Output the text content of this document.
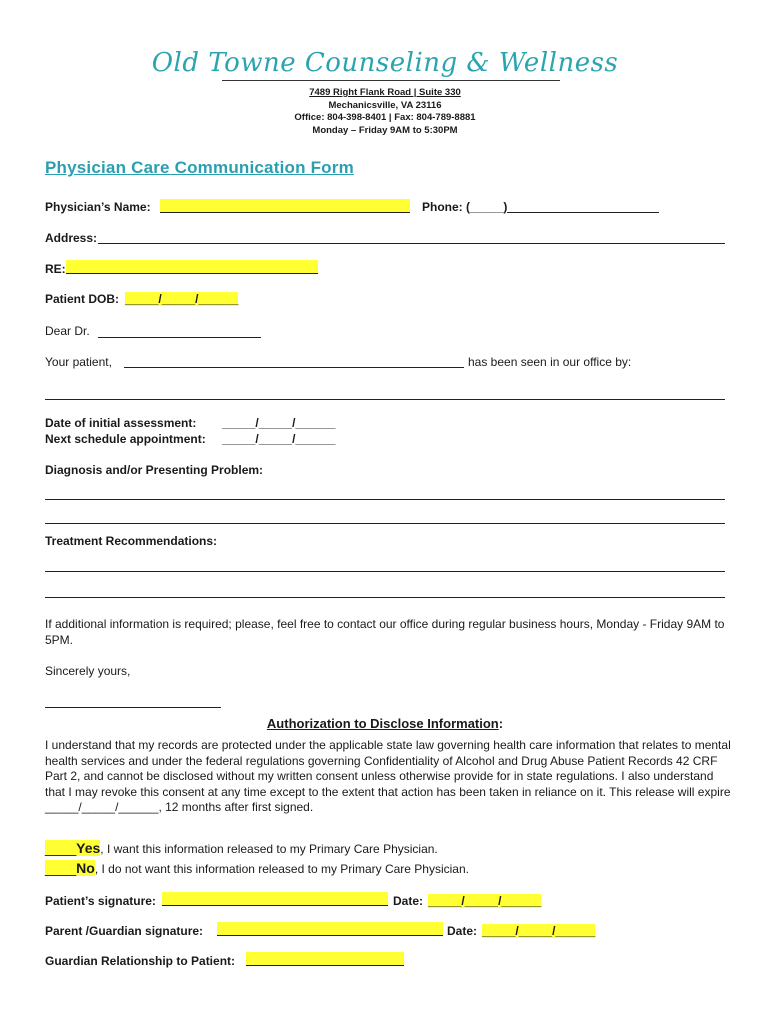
Old Towne Counseling & Wellness
7489 Right Flank Road | Suite 330
Mechanicsville, VA 23116
Office: 804-398-8401 | Fax: 804-789-8881
Monday – Friday 9AM to 5:30PM
Physician Care Communication Form
Physician’s Name:	Phone: (_____)
Address:
RE:
Patient DOB: _____/_____/______
Dear Dr.
Your patient,	has been seen in our office by:
Date of initial assessment: _____/_____/______
Next schedule appointment: _____/_____/______
Diagnosis and/or Presenting Problem:
Treatment Recommendations:
If additional information is required; please, feel free to contact our office during regular business hours, Monday - Friday 9AM to 5PM.
Sincerely yours,
Authorization to Disclose Information:
I understand that my records are protected under the applicable state law governing health care information that relates to mental health services and under the federal regulations governing Confidentiality of Alcohol and Drug Abuse Patient Records 42 CRF Part 2, and cannot be disclosed without my written consent unless otherwise provide for in state regulations. I also understand that I may revoke this consent at any time except to the extent that action has been taken in reliance on it. This release will expire _____/_____/______, 12 months after first signed.
____Yes, I want this information released to my Primary Care Physician.
____No, I do not want this information released to my Primary Care Physician.
Patient’s signature:	Date: _____/_____/______
Parent /Guardian signature:	Date: _____/_____/______
Guardian Relationship to Patient:
